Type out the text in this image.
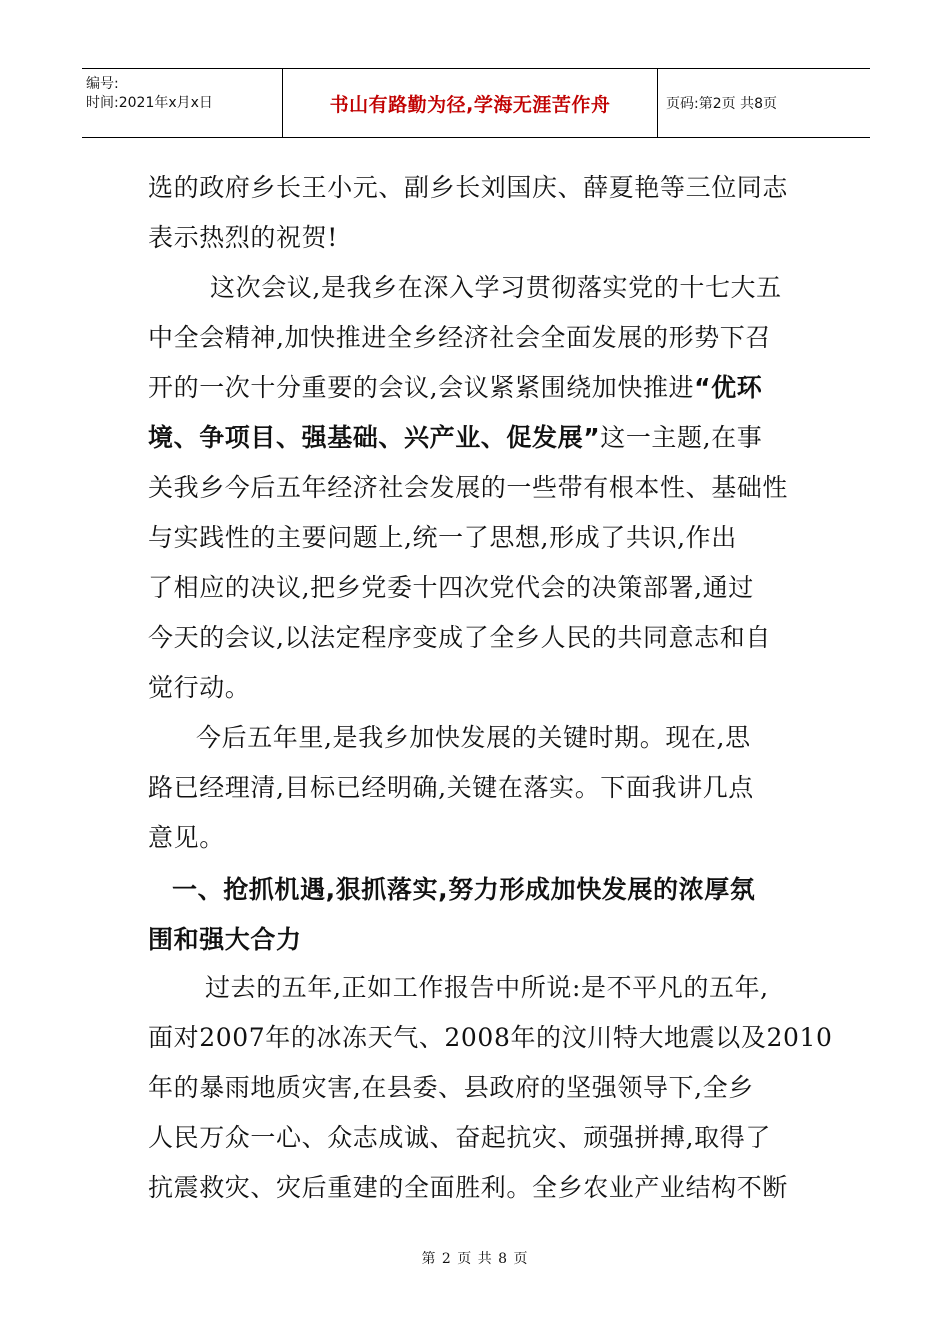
编号:
时间:2021年x月x日	书山有路勤为径,学海无涯苦作舟	页码:第2页 共8页
选的政府乡长王小元、副乡长刘国庆、薛夏艳等三位同志
表示热烈的祝贺!
这次会议,是我乡在深入学习贯彻落实党的十七大五
中全会精神,加快推进全乡经济社会全面发展的形势下召
开的一次十分重要的会议,会议紧紧围绕加快推进“优环
境、争项目、强基础、兴产业、促发展”这一主题,在事
关我乡今后五年经济社会发展的一些带有根本性、基础性
与实践性的主要问题上,统一了思想,形成了共识,作出
了相应的决议,把乡党委十四次党代会的决策部署,通过
今天的会议,以法定程序变成了全乡人民的共同意志和自
觉行动。
今后五年里,是我乡加快发展的关键时期。现在,思
路已经理清,目标已经明确,关键在落实。下面我讲几点
意见。
一、抢抓机遇,狠抓落实,努力形成加快发展的浓厚氛
围和强大合力
过去的五年,正如工作报告中所说:是不平凡的五年,
面对2007年的冰冻天气、2008年的汶川特大地震以及2010
年的暴雨地质灾害,在县委、县政府的坚强领导下,全乡
人民万众一心、众志成诚、奋起抗灾、顽强拼搏,取得了
抗震救灾、灾后重建的全面胜利。全乡农业产业结构不断
第 2 页 共 8 页
